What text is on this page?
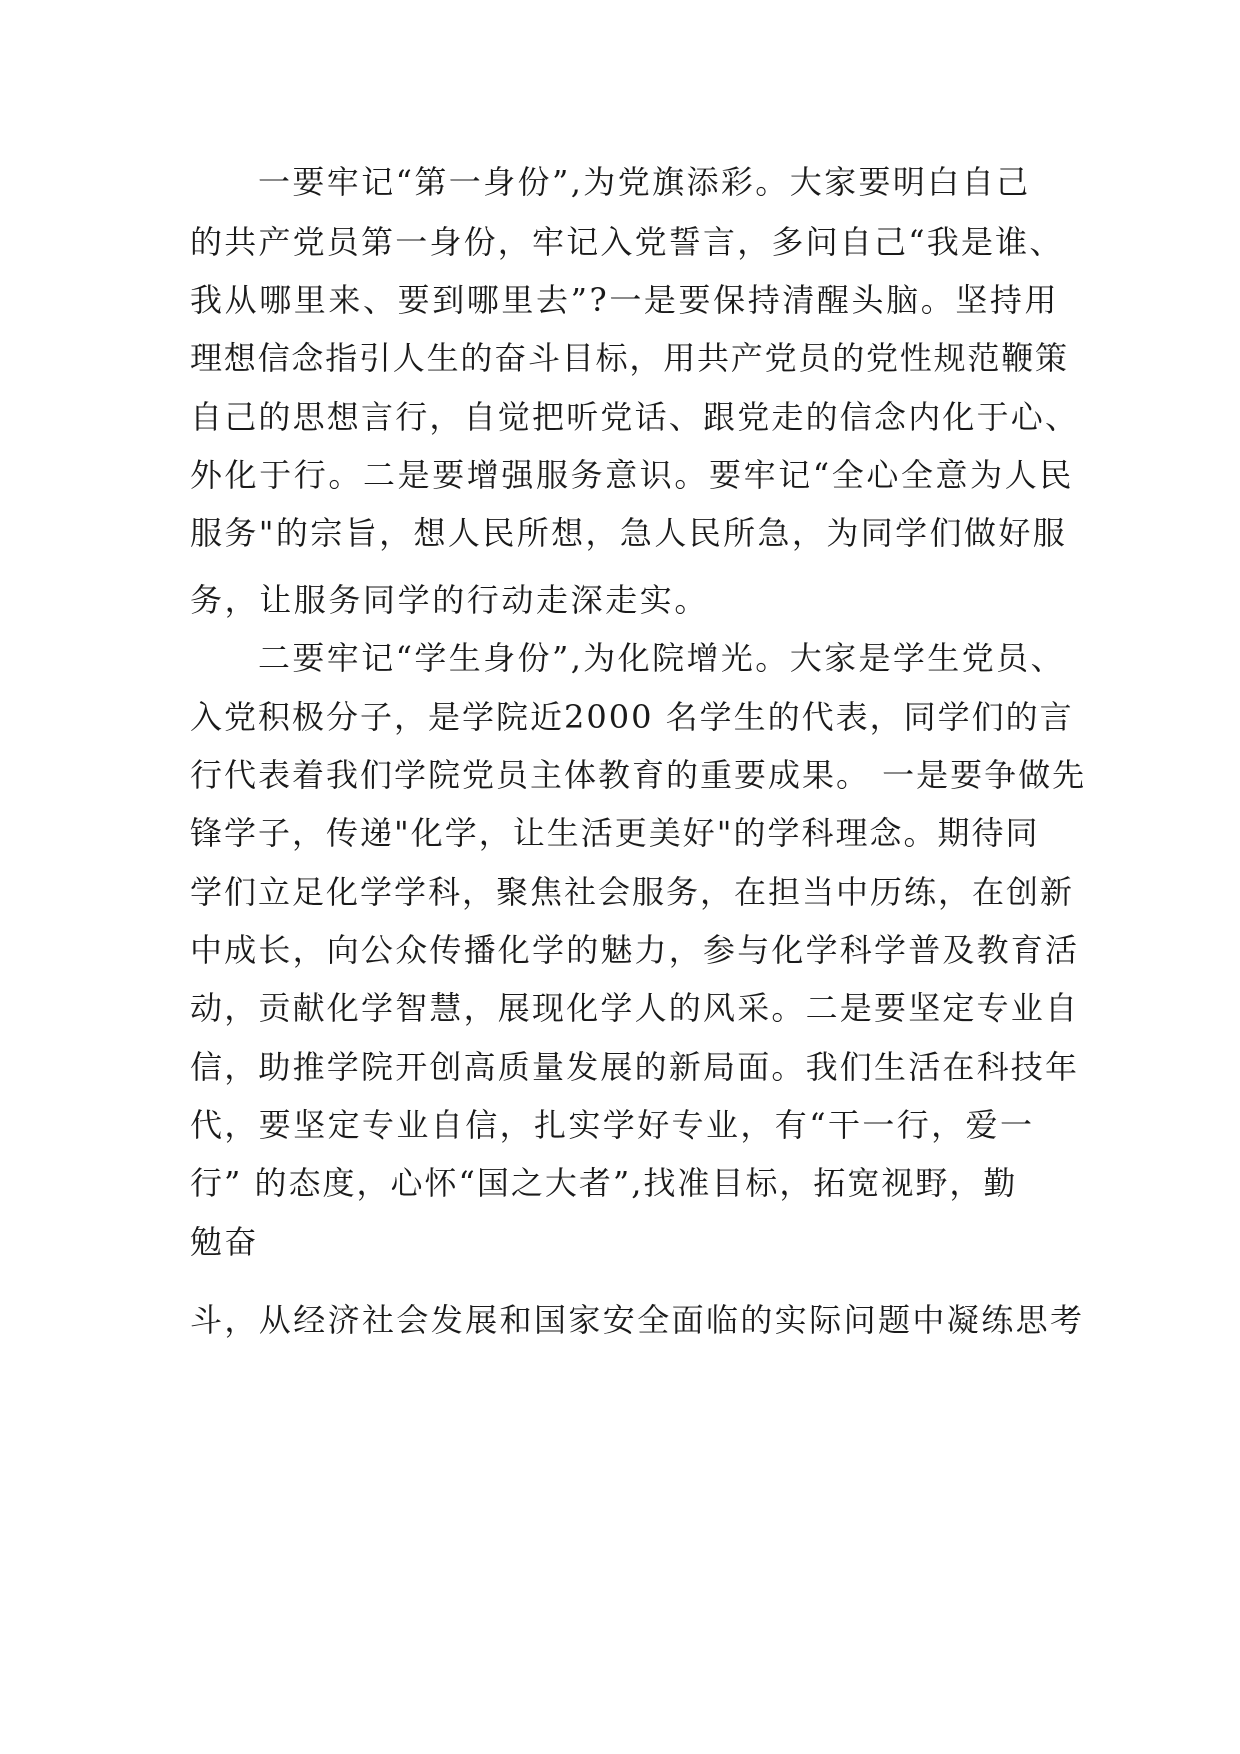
一要牢记“第一身份”,为党旗添彩。大家要明白自己
的共产党员第一身份，牢记入党誓言，多问自己“我是谁、
我从哪里来、要到哪里去”?一是要保持清醒头脑。坚持用
理想信念指引人生的奋斗目标，用共产党员的党性规范鞭策
自己的思想言行，自觉把听党话、跟党走的信念内化于心、
外化于行。二是要增强服务意识。要牢记“全心全意为人民
服务"的宗旨，想人民所想，急人民所急，为同学们做好服
务，让服务同学的行动走深走实。
二要牢记“学生身份”,为化院增光。大家是学生党员、
入党积极分子，是学院近2000 名学生的代表，同学们的言
行代表着我们学院党员主体教育的重要成果。 一是要争做先
锋学子，传递"化学，让生活更美好"的学科理念。期待同
学们立足化学学科，聚焦社会服务，在担当中历练，在创新
中成长，向公众传播化学的魅力，参与化学科学普及教育活
动，贡献化学智慧，展现化学人的风采。二是要坚定专业自
信，助推学院开创高质量发展的新局面。我们生活在科技年
代，要坚定专业自信，扎实学好专业，有“干一行，爱一
行” 的态度，心怀“国之大者”,找准目标，拓宽视野，勤
勉奋
斗，从经济社会发展和国家安全面临的实际问题中凝练思考
